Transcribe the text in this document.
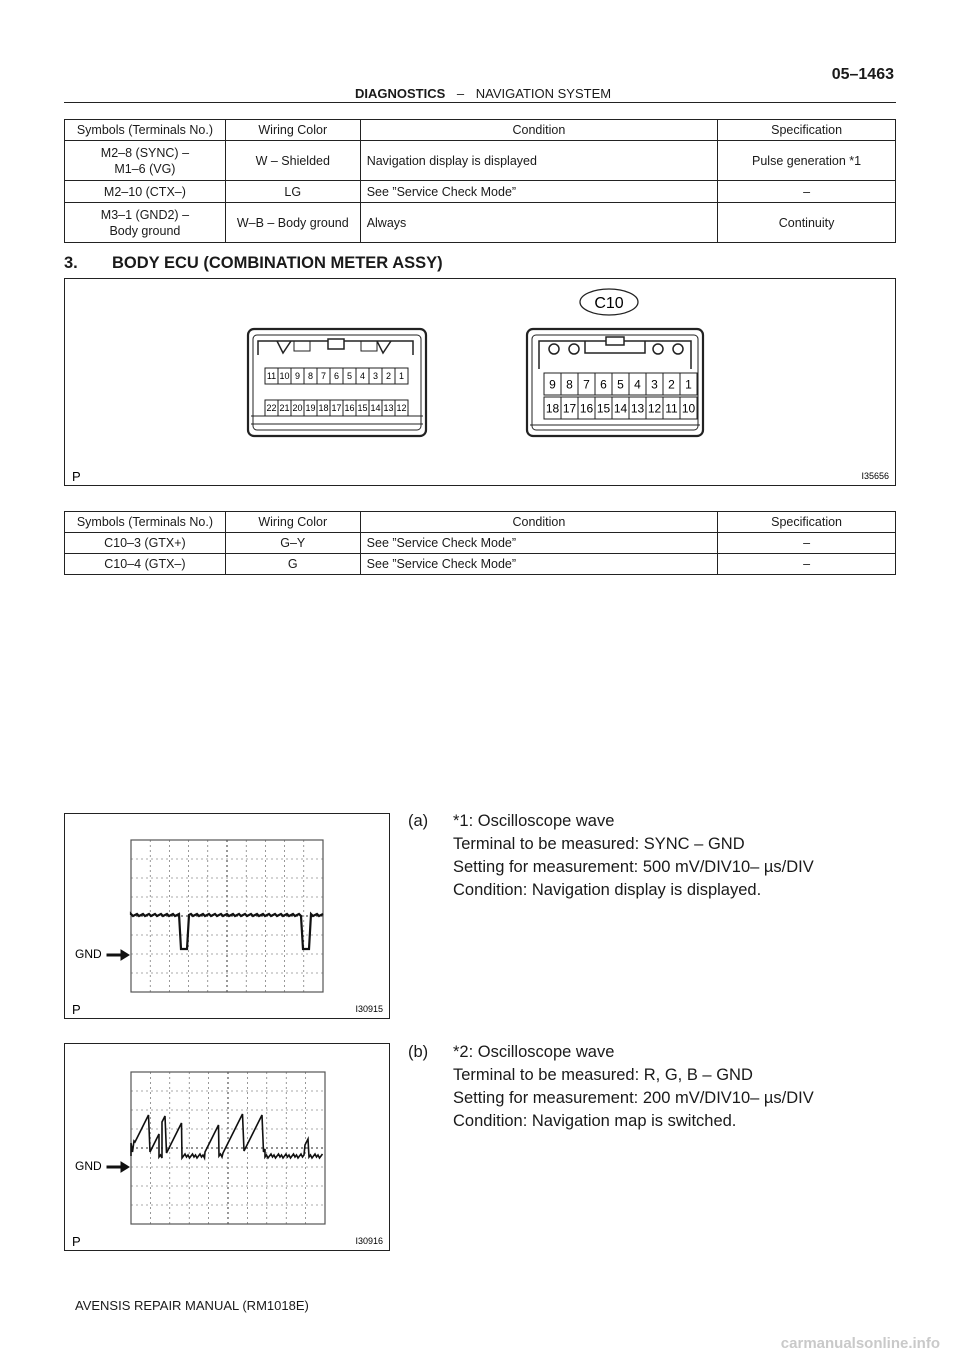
DIAGNOSTICS – NAVIGATION SYSTEM
05–1463
Symbols (Terminals No.)	Wiring Color	Condition	Specification

M2–8 (SYNC) –
M1–6 (VG)	W – Shielded	Navigation display is displayed	Pulse generation *1
M2–10 (CTX–)	LG	See ”Service Check Mode”	–

M3–1 (GND2) –
Body ground	W–B – Body ground	Always	Continuity
3. BODY ECU (COMBINATION METER ASSY)
C10
11 10 9 8 7 6 5 4 3 2 1
22 21 20 19 18 17 16 15 14 13 12
9 8 7 6 5 4 3 2 1
18 17 16 15 14 13 12 11 10
P	I35656
Symbols (Terminals No.)	Wiring Color	Condition	Specification
C10–3 (GTX+)	G–Y	See ”Service Check Mode”	–
C10–4 (GTX–)	G	See ”Service Check Mode”	–
GND
P	I30915
GND
P	I30916
(a) *1: Oscilloscope wave
Terminal to be measured: SYNC – GND
Setting for measurement: 500 mV/DIV10– µs/DIV
Condition: Navigation display is displayed.
(b) *2: Oscilloscope wave
Terminal to be measured: R, G, B – GND
Setting for measurement: 200 mV/DIV10– µs/DIV
Condition: Navigation map is switched.
AVENSIS REPAIR MANUAL (RM1018E)
carmanualsonline.info
